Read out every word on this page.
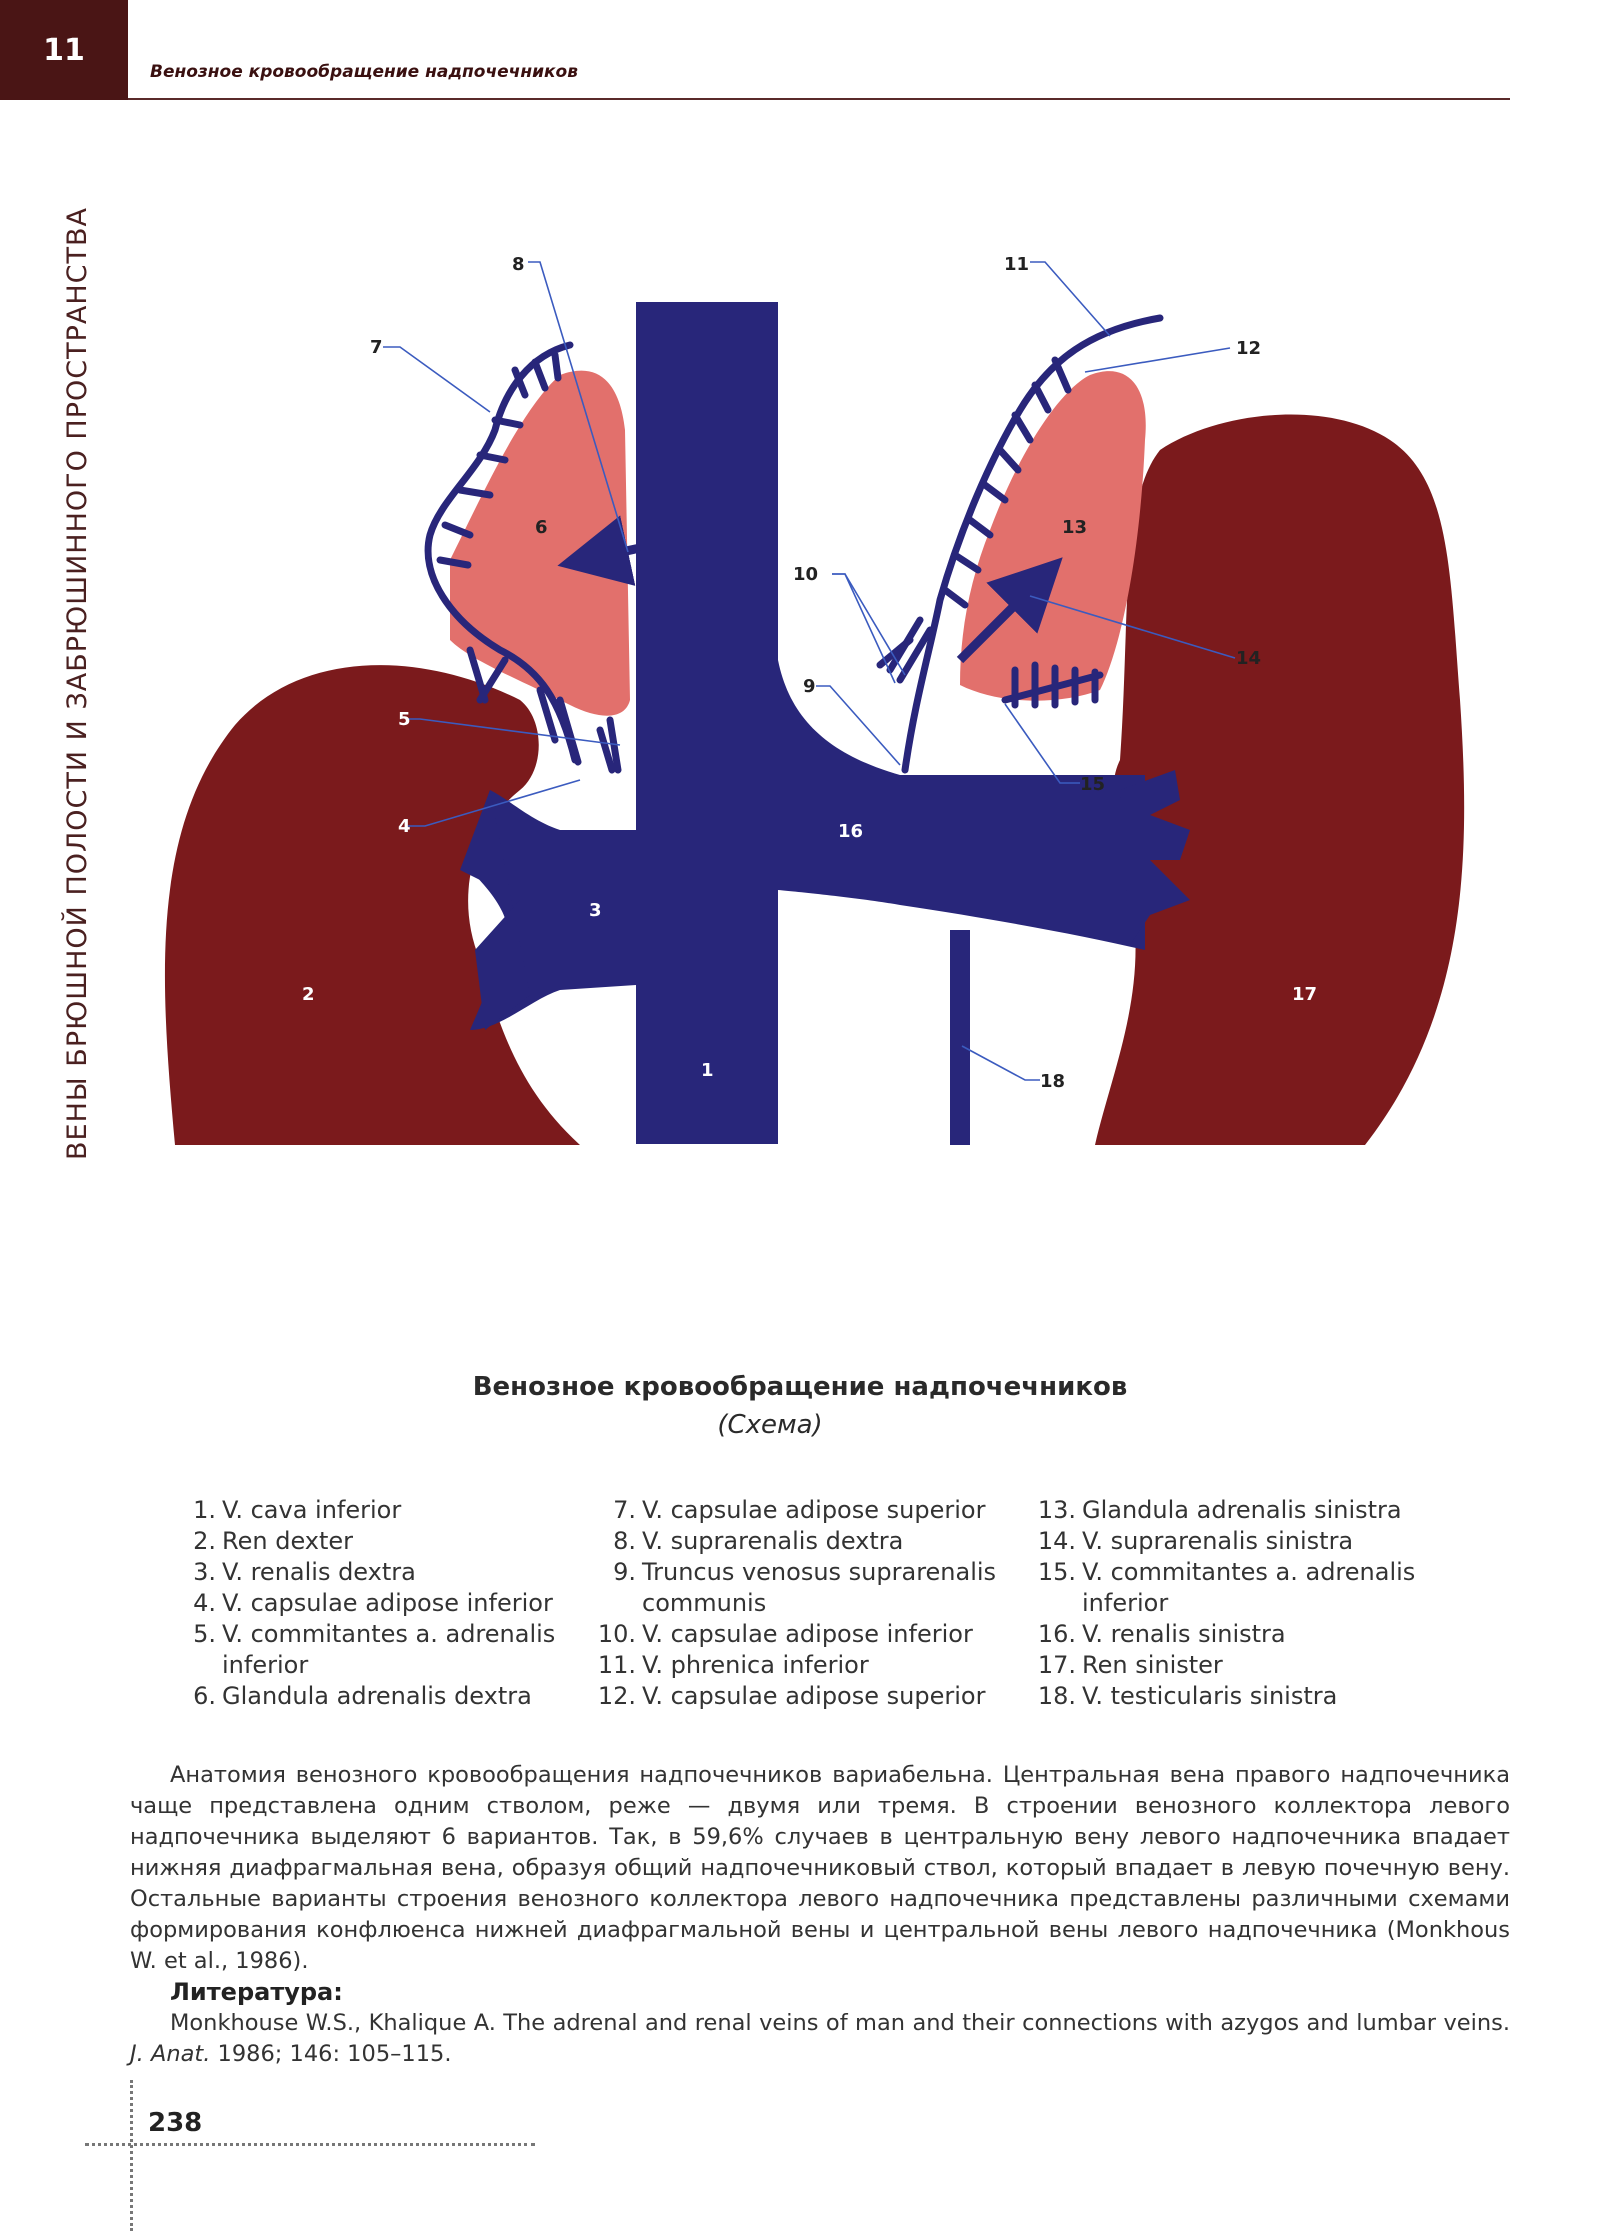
11
Венозное кровообращение надпочечников
ВЕНЫ БРЮШНОЙ ПОЛОСТИ И ЗАБРЮШИННОГО ПРОСТРАНСТВА	1
2
3
4
5
6
7
8
9
10
11
12
13
14
15
16
17
18
Венозное кровообращение надпочечников
(Схема)
1. V. cava inferior
2. Ren dexter
3. V. renalis dextra
4. V. capsulae adipose inferior
5. V. commitantes a. adrenalis inferior
6. Glandula adrenalis dextra
7. V. capsulae adipose superior
8. V. suprarenalis dextra
9. Truncus venosus suprarenalis communis
10. V. capsulae adipose inferior
11. V. phrenica inferior
12. V. capsulae adipose superior
13. Glandula adrenalis sinistra
14. V. suprarenalis sinistra
15. V. commitantes a. adrenalis inferior
16. V. renalis sinistra
17. Ren sinister
18. V. testicularis sinistra

Анатомия венозного кровообращения надпочечников вариабельна. Центральная вена правого надпочечника чаще представлена одним стволом, реже — двумя или тремя. В строении венозного коллектора левого надпочечника выделяют 6 вариантов. Так, в 59,6% случаев в центральную вену левого надпочечника впадает нижняя диафрагмальная вена, образуя общий надпочечниковый ствол, который впадает в левую почечную вену. Остальные варианты строения венозного коллектора левого надпочечника представлены различными схемами формирования конфлюенса нижней диафрагмальной вены и центральной вены левого надпочечника (Monkhous W. et al., 1986).

Литература:

Monkhouse W.S., Khalique A. The adrenal and renal veins of man and their connections with azygos and lumbar veins. J. Anat. 1986; 146: 105–115.

238
